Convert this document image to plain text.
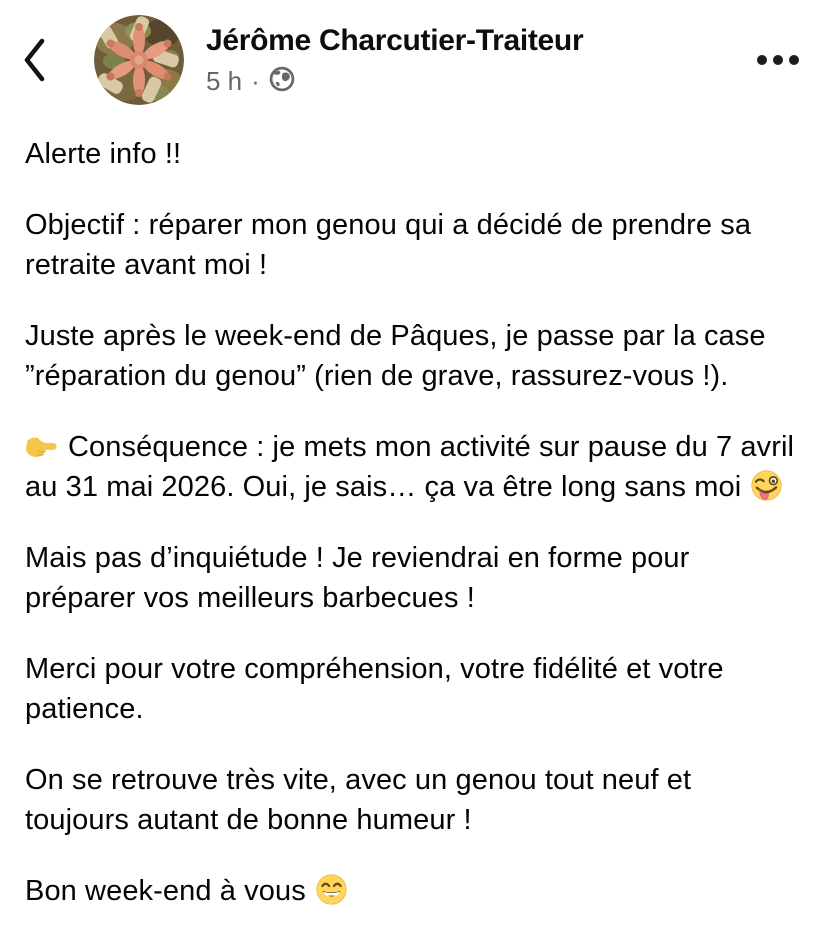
Jérôme Charcutier-Traiteur
5 h ·

Alerte info !!

Objectif : réparer mon genou qui a décidé de prendre sa retraite avant moi !

Juste après le week-end de Pâques, je passe par la case ”réparation du genou” (rien de grave, rassurez-vous !).

Conséquence : je mets mon activité sur pause du 7 avril au 31 mai 2026. Oui, je sais… ça va être long sans moi

Mais pas d’inquiétude ! Je reviendrai en forme pour préparer vos meilleurs barbecues !

Merci pour votre compréhension, votre fidélité et votre patience.

On se retrouve très vite, avec un genou tout neuf et toujours autant de bonne humeur !

Bon week-end à vous
